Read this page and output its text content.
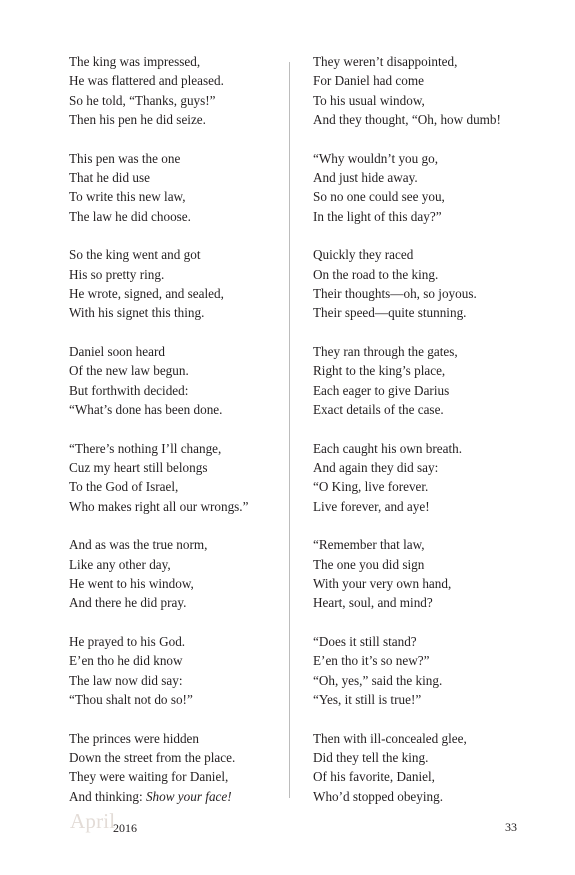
The king was impressed,
He was flattered and pleased.
So he told, “Thanks, guys!”
Then his pen he did seize.
This pen was the one
That he did use
To write this new law,
The law he did choose.
So the king went and got
His so pretty ring.
He wrote, signed, and sealed,
With his signet this thing.
Daniel soon heard
Of the new law begun.
But forthwith decided:
“What’s done has been done.
“There’s nothing I’ll change,
Cuz my heart still belongs
To the God of Israel,
Who makes right all our wrongs.”
And as was the true norm,
Like any other day,
He went to his window,
And there he did pray.
He prayed to his God.
E’en tho he did know
The law now did say:
“Thou shalt not do so!”
The princes were hidden
Down the street from the place.
They were waiting for Daniel,
And thinking: Show your face!
They weren’t disappointed,
For Daniel had come
To his usual window,
And they thought, “Oh, how dumb!
“Why wouldn’t you go,
And just hide away.
So no one could see you,
In the light of this day?”
Quickly they raced
On the road to the king.
Their thoughts—oh, so joyous.
Their speed—quite stunning.
They ran through the gates,
Right to the king’s place,
Each eager to give Darius
Exact details of the case.
Each caught his own breath.
And again they did say:
“O King, live forever.
Live forever, and aye!
“Remember that law,
The one you did sign
With your very own hand,
Heart, soul, and mind?
“Does it still stand?
E’en tho it’s so new?”
“Oh, yes,” said the king.
“Yes, it still is true!”
Then with ill-concealed glee,
Did they tell the king.
Of his favorite, Daniel,
Who’d stopped obeying.
April
2016	33
